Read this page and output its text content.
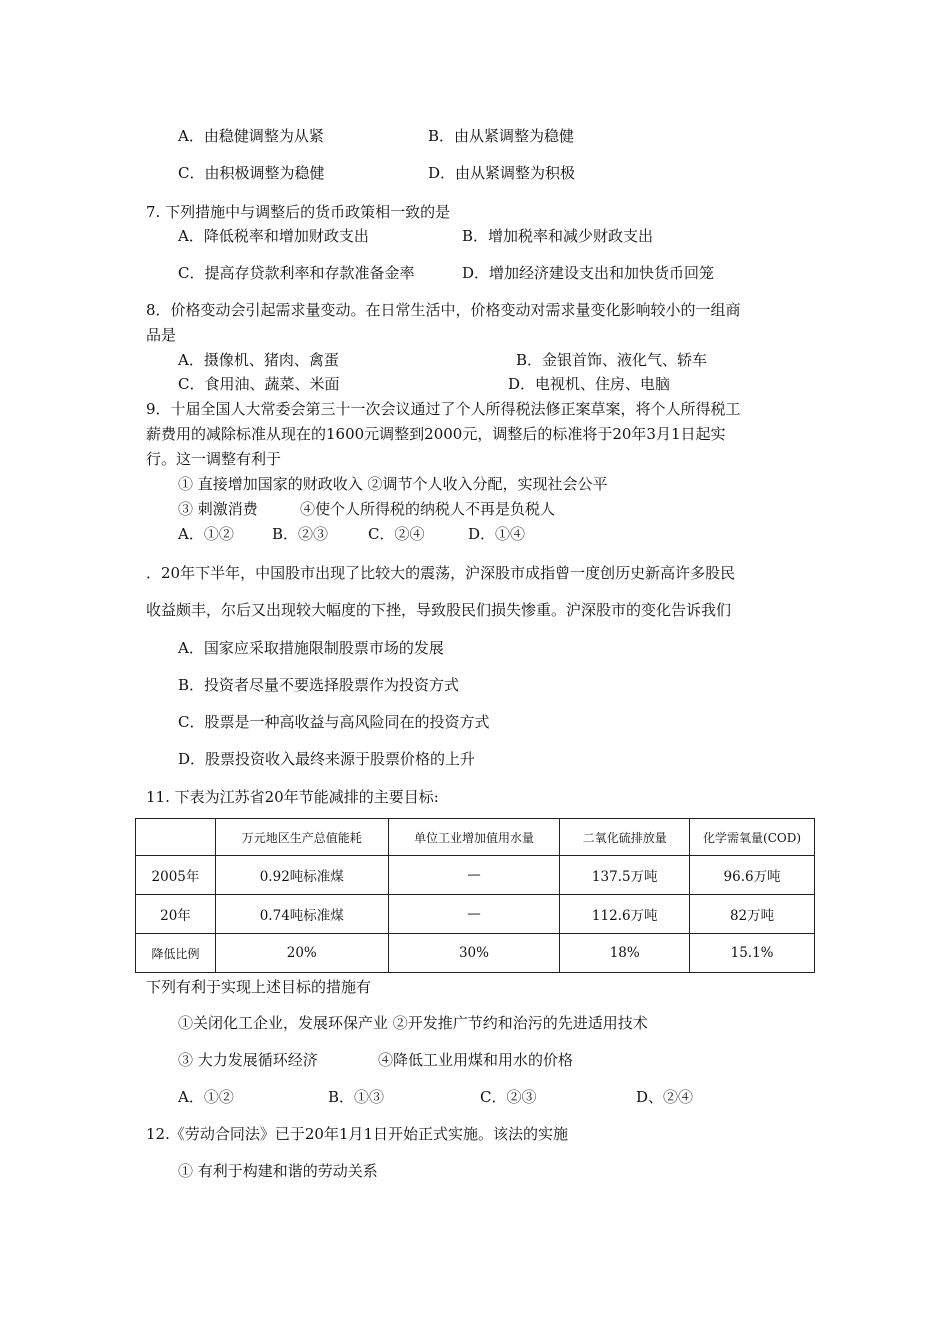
A．由稳健调整为从紧	B．由从紧调整为稳健
C．由积极调整为稳健	D．由从紧调整为积极
7. 下列措施中与调整后的货币政策相一致的是
A．降低税率和增加财政支出	B．增加税率和减少财政支出
C．提高存贷款利率和存款准备金率	D．增加经济建设支出和加快货币回笼
8．价格变动会引起需求量变动。在日常生活中，价格变动对需求量变化影响较小的一组商
品是
A．摄像机、猪肉、禽蛋	B．金银首饰、液化气、轿车
C．食用油、蔬菜、米面	D．电视机、住房、电脑
9．十届全国人大常委会第三十一次会议通过了个人所得税法修正案草案，将个人所得税工
薪费用的减除标准从现在的1600元调整到2000元，调整后的标准将于20年3月1日起实
行。这一调整有利于
① 直接增加国家的财政收入 ②调节个人收入分配，实现社会公平
③ 刺激消费	④使个人所得税的纳税人不再是负税人
A．①②	B．②③	C．②④	D．①④
．20年下半年，中国股市出现了比较大的震荡，沪深股市成指曾一度创历史新高许多股民
收益颇丰，尔后又出现较大幅度的下挫，导致股民们损失惨重。沪深股市的变化告诉我们
A．国家应采取措施限制股票市场的发展
B．投资者尽量不要选择股票作为投资方式
C．股票是一种高收益与高风险同在的投资方式
D．股票投资收入最终来源于股票价格的上升
11. 下表为江苏省20年节能减排的主要目标:
	万元地区生产总值能耗	单位工业增加值用水量	二氧化硫排放量	化学需氧量(COD)
2005年	0.92吨标准煤	—	137.5万吨	96.6万吨
20年	0.74吨标准煤	—	112.6万吨	82万吨
降低比例	20%	30%	18%	15.1%
下列有利于实现上述目标的措施有
①关闭化工企业，发展环保产业 ②开发推广节约和治污的先进适用技术
③ 大力发展循环经济	④降低工业用煤和用水的价格
A．①②	B．①③	C．②③	D、②④
12.《劳动合同法》已于20年1月1日开始正式实施。该法的实施
① 有利于构建和谐的劳动关系
